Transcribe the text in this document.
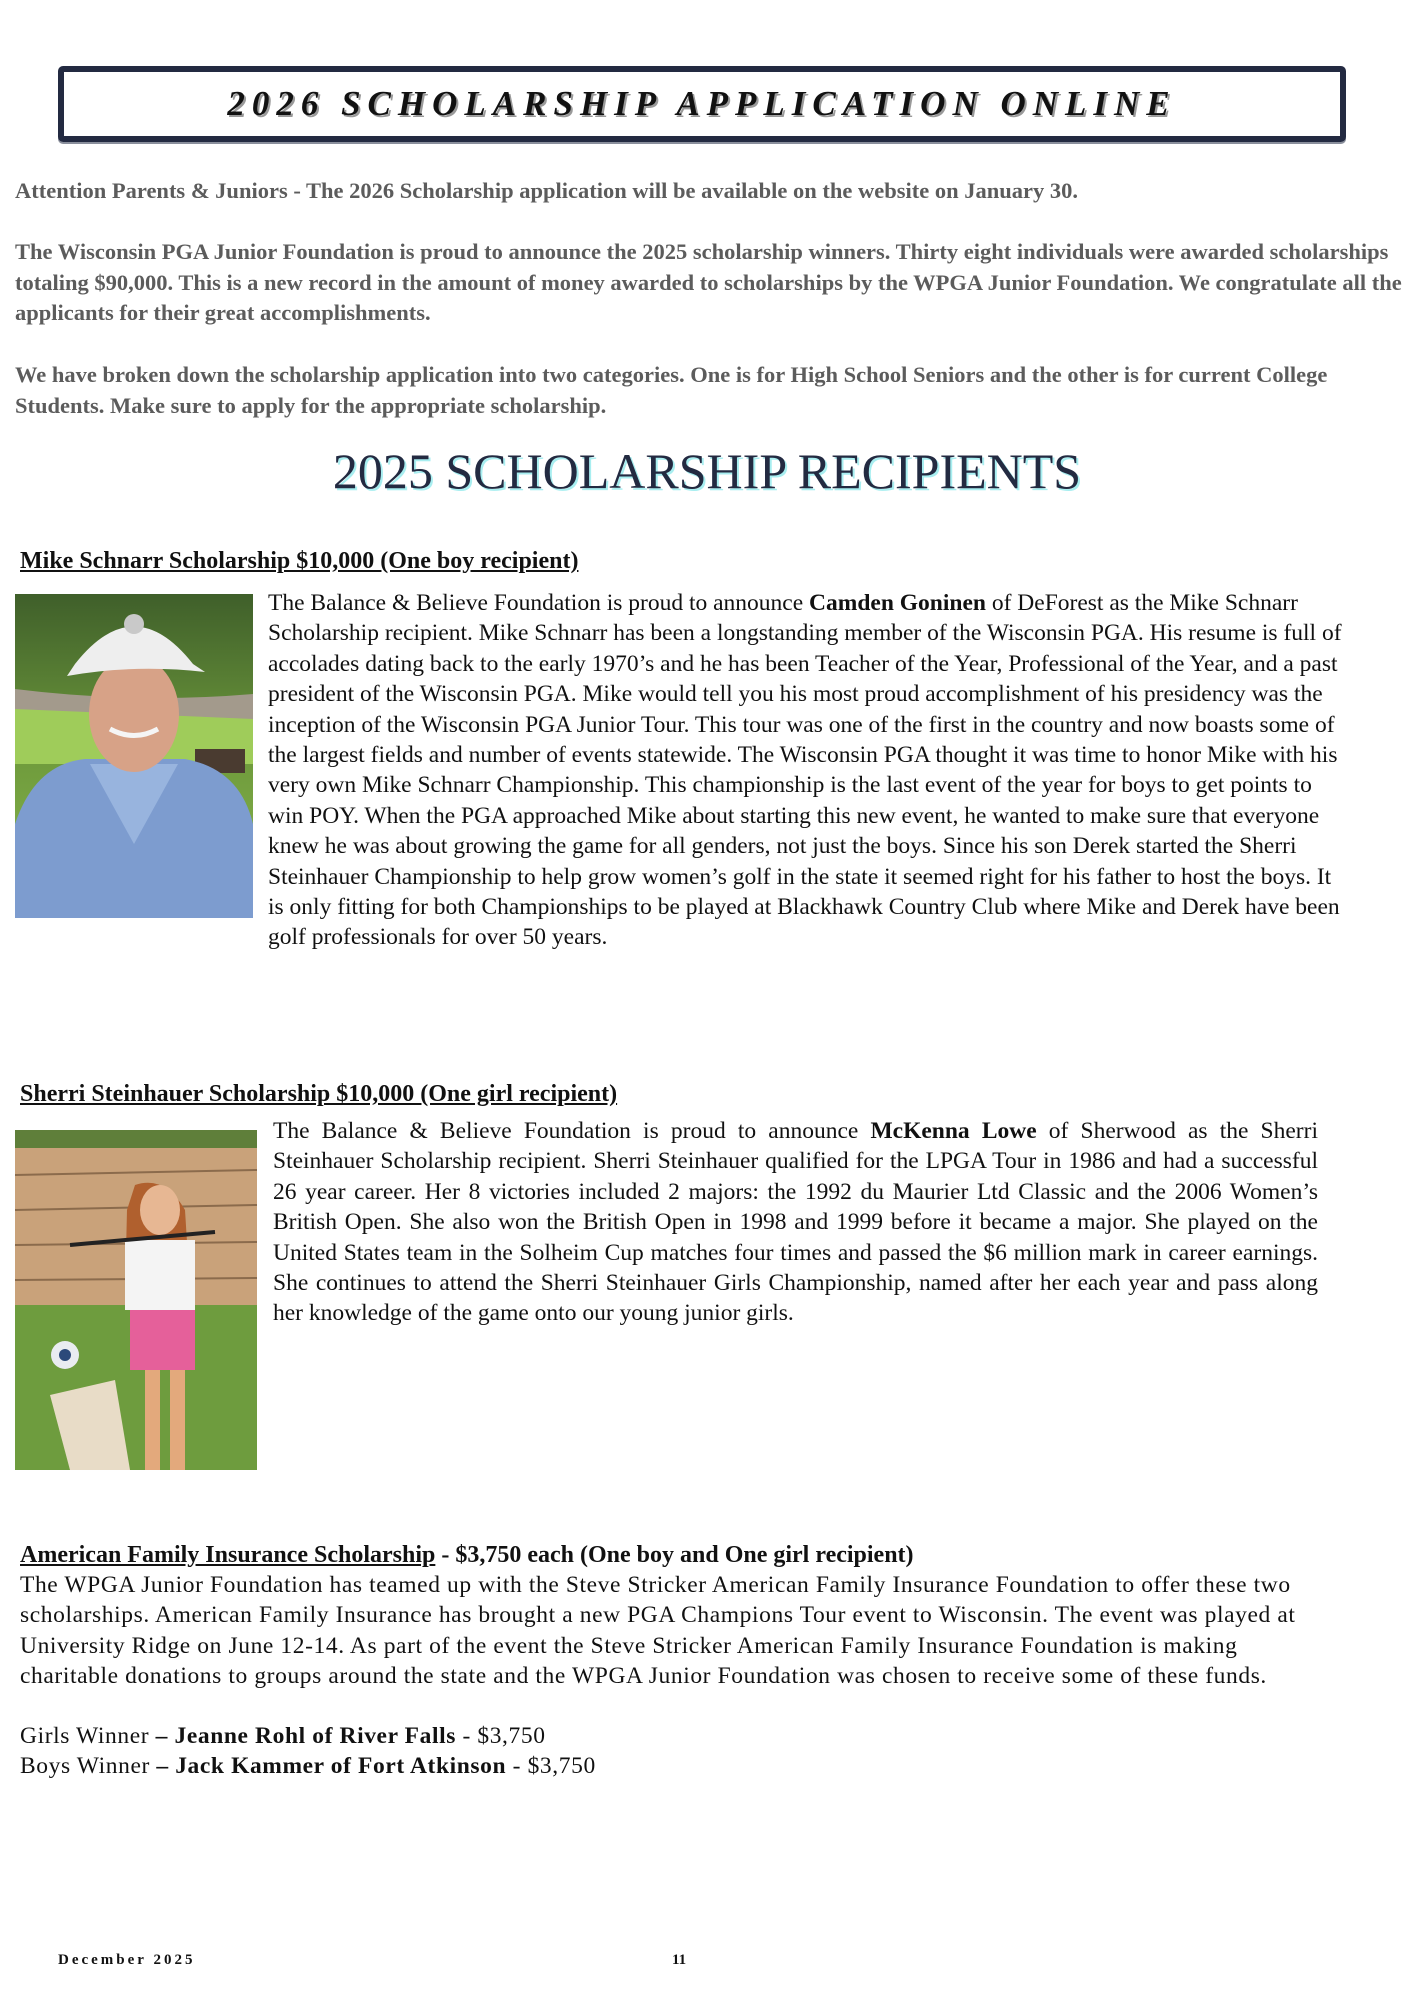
2026 SCHOLARSHIP APPLICATION ONLINE

Attention Parents & Juniors - The 2026 Scholarship application will be available on the website on January 30.

The Wisconsin PGA Junior Foundation is proud to announce the 2025 scholarship winners. Thirty eight individuals were awarded scholarships totaling $90,000. This is a new record in the amount of money awarded to scholarships by the WPGA Junior Foundation. We congratulate all the applicants for their great accomplishments.

We have broken down the scholarship application into two categories. One is for High School Seniors and the other is for current College Students. Make sure to apply for the appropriate scholarship.

2025 SCHOLARSHIP RECIPIENTS
Mike Schnarr Scholarship $10,000 (One boy recipient)
The Balance & Believe Foundation is proud to announce Camden Goninen of DeForest as the Mike Schnarr Scholarship recipient. Mike Schnarr has been a longstanding member of the Wisconsin PGA. His resume is full of accolades dating back to the early 1970’s and he has been Teacher of the Year, Professional of the Year, and a past president of the Wisconsin PGA. Mike would tell you his most proud accomplishment of his presidency was the inception of the Wisconsin PGA Junior Tour. This tour was one of the first in the country and now boasts some of the largest fields and number of events statewide. The Wisconsin PGA thought it was time to honor Mike with his very own Mike Schnarr Championship. This championship is the last event of the year for boys to get points to win POY. When the PGA approached Mike about starting this new event, he wanted to make sure that everyone knew he was about growing the game for all genders, not just the boys. Since his son Derek started the Sherri Steinhauer Championship to help grow women’s golf in the state it seemed right for his father to host the boys. It is only fitting for both Championships to be played at Blackhawk Country Club where Mike and Derek have been golf professionals for over 50 years.
Sherri Steinhauer Scholarship $10,000 (One girl recipient)
The Balance & Believe Foundation is proud to announce McKenna Lowe of Sherwood as the Sherri Steinhauer Scholarship recipient. Sherri Steinhauer qualified for the LPGA Tour in 1986 and had a successful 26 year career. Her 8 victories included 2 majors: the 1992 du Maurier Ltd Classic and the 2006 Women’s British Open. She also won the British Open in 1998 and 1999 before it became a major. She played on the United States team in the Solheim Cup matches four times and passed the $6 million mark in career earnings. She continues to attend the Sherri Steinhauer Girls Championship, named after her each year and pass along her knowledge of the game onto our young junior girls.
American Family Insurance Scholarship - $3,750 each (One boy and One girl recipient)
The WPGA Junior Foundation has teamed up with the Steve Stricker American Family Insurance Foundation to offer these two scholarships. American Family Insurance has brought a new PGA Champions Tour event to Wisconsin. The event was played at University Ridge on June 12-14. As part of the event the Steve Stricker American Family Insurance Foundation is making charitable donations to groups around the state and the WPGA Junior Foundation was chosen to receive some of these funds.
Girls Winner – Jeanne Rohl of River Falls - $3,750
Boys Winner – Jack Kammer of Fort Atkinson - $3,750
December 2025	11
